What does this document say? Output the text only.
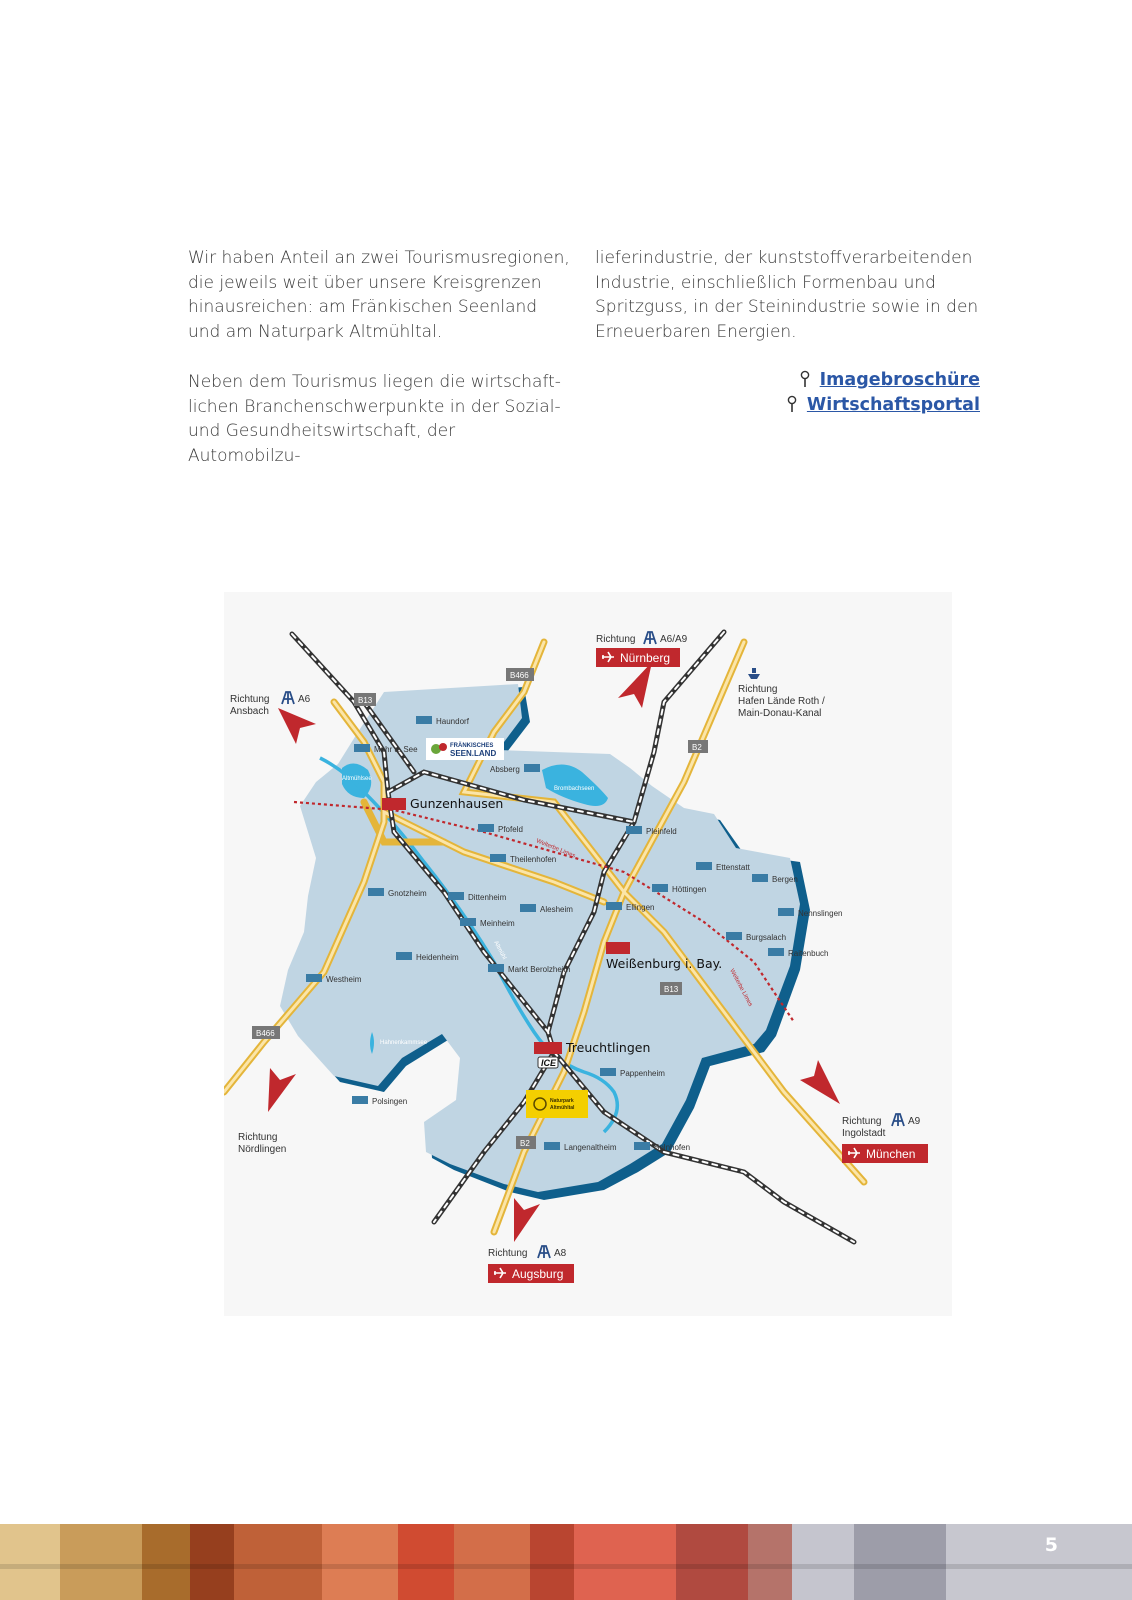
Wir haben Anteil an zwei Tourismusregionen, die jeweils weit über unsere Kreisgrenzen hinausreichen: am Fränkischen Seenland und am Naturpark Altmühltal.

Neben dem Tourismus liegen die wirtschaft-lichen Branchenschwerpunkte in der Sozial- und Gesundheitswirtschaft, der Automobilzu-

lieferindustrie, der kunststoffverarbeitenden Industrie, einschließlich Formenbau und Spritzguss, in der Steinindustrie sowie in den Erneuerbaren Energien.

Imagebroschüre
Wirtschaftsportal
Welterbe Limes
Welterbe Limes
Altmühlsee
Brombachseen
Hahnenkammsee
Altmühl
Haundorf
Muhr a. See
Absberg
Pfofeld	Pleinfeld
Theilenhofen
Ettenstatt
Bergen
Höttingen
Gnotzheim	Dittenheim
Alesheim	Ellingen
Nennslingen
Meinheim
Burgsalach
Heidenheim	Raitenbuch
Markt Berolzheim
Westheim
Pappenheim
Polsingen
Langenaltheim	Solnhofen
Gunzenhausen
Weißenburg i. Bay.
Treuchtlingen
ICE
FRÄNKISCHES
SEEN.LAND
Naturpark
Altmühltal
B466
B13
B2
B13
B466
B2
Richtung	A6
Ansbach
Richtung A6/A9
Nürnberg
Richtung
Hafen Lände Roth /
Main-Donau-Kanal
Richtung
Nördlingen
Richtung	A9
Ingolstadt
München
Richtung	A8
Augsburg
5
